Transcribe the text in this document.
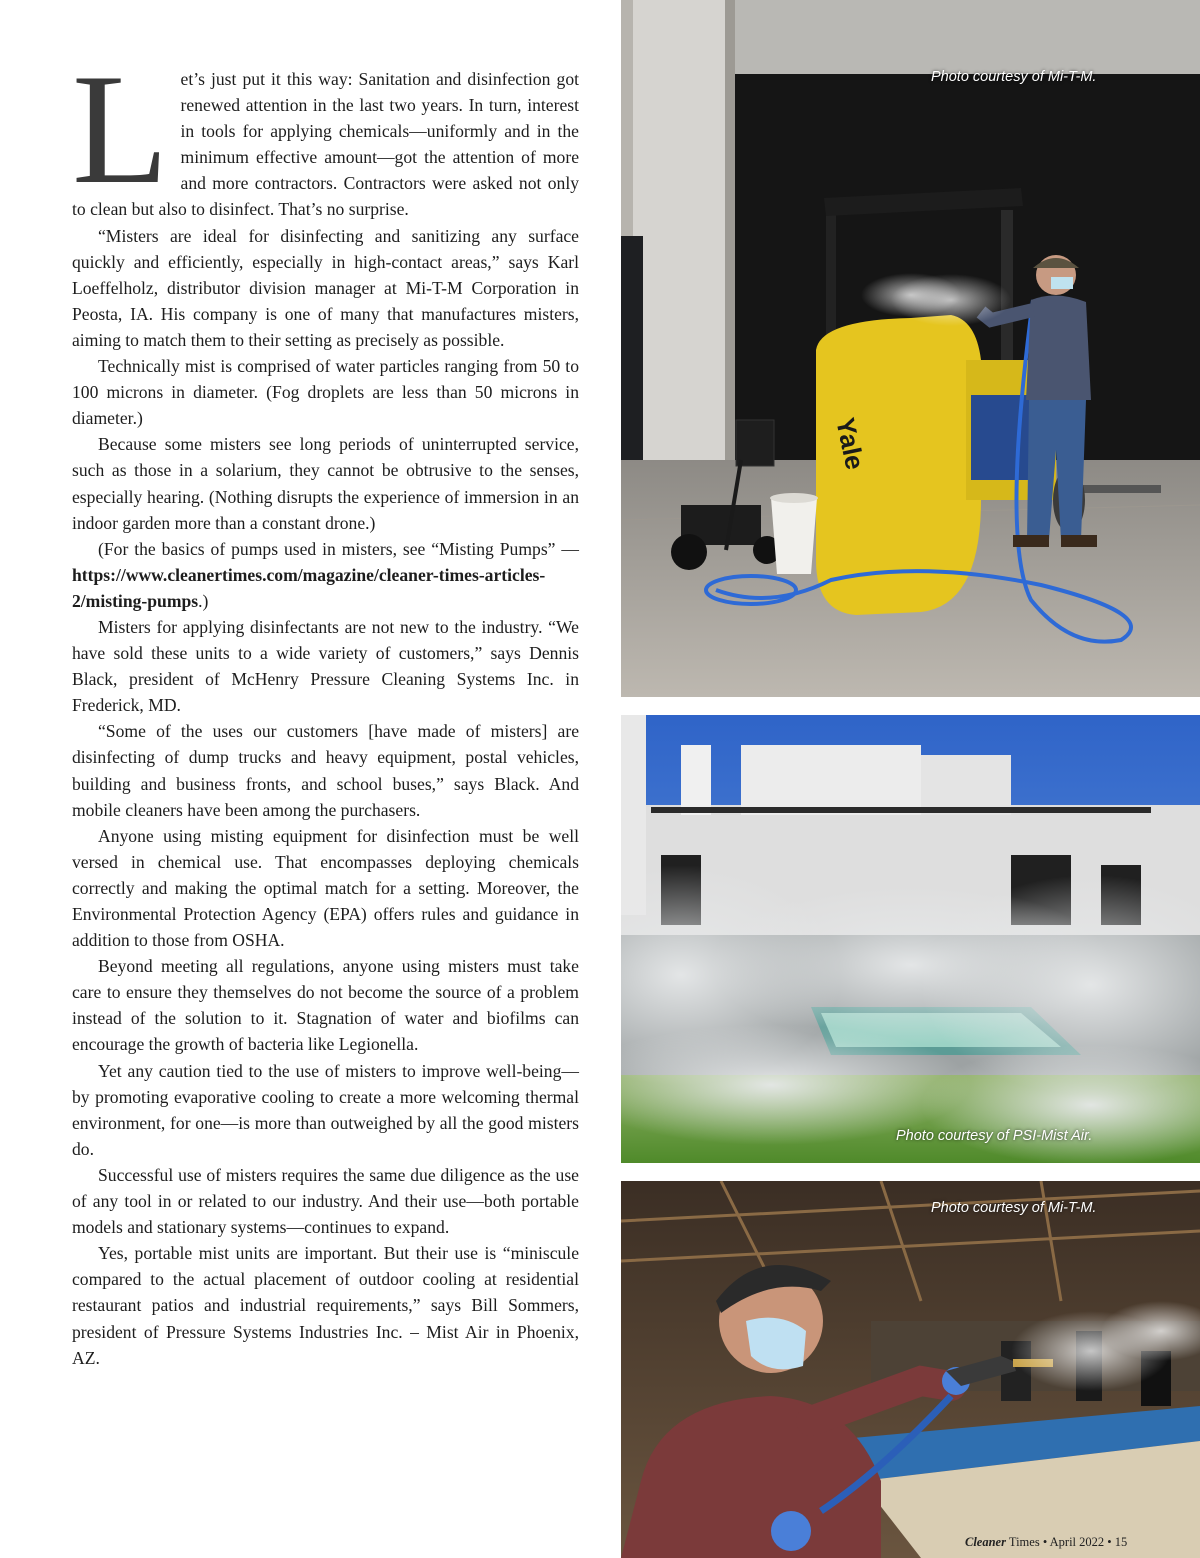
Let’s just put it this way: Sanitation and disinfection got renewed attention in the last two years. In turn, interest in tools for applying chemicals—uniformly and in the minimum effective amount—got the attention of more and more contractors. Contractors were asked not only to clean but also to disinfect. That’s no surprise.

“Misters are ideal for disinfecting and sanitizing any surface quickly and efficiently, especially in high-contact areas,” says Karl Loeffelholz, distributor division manager at Mi-T-M Corporation in Peosta, IA. His company is one of many that manufactures misters, aiming to match them to their setting as precisely as possible.

Technically mist is comprised of water particles ranging from 50 to 100 microns in diameter. (Fog droplets are less than 50 microns in diameter.)

Because some misters see long periods of uninterrupted service, such as those in a solarium, they cannot be obtrusive to the senses, especially hearing. (Nothing disrupts the experience of immersion in an indoor garden more than a constant drone.)

(For the basics of pumps used in misters, see “Misting Pumps” — https://www.cleanertimes.com/magazine/cleaner-times-articles-2/misting-pumps.)

Misters for applying disinfectants are not new to the industry. “We have sold these units to a wide variety of customers,” says Dennis Black, president of McHenry Pressure Cleaning Systems Inc. in Frederick, MD.

“Some of the uses our customers [have made of misters] are disinfecting of dump trucks and heavy equipment, postal vehicles, building and business fronts, and school buses,” says Black. And mobile cleaners have been among the purchasers.

Anyone using misting equipment for disinfection must be well versed in chemical use. That encompasses deploying chemicals correctly and making the optimal match for a setting. Moreover, the Environmental Protection Agency (EPA) offers rules and guidance in addition to those from OSHA.

Beyond meeting all regulations, anyone using misters must take care to ensure they themselves do not become the source of a problem instead of the solution to it. Stagnation of water and biofilms can encourage the growth of bacteria like Legionella.

Yet any caution tied to the use of misters to improve well-being—by promoting evaporative cooling to create a more welcoming thermal environment, for one—is more than outweighed by all the good misters do.

Successful use of misters requires the same due diligence as the use of any tool in or related to our industry. And their use—both portable models and stationary systems—continues to expand.

Yes, portable mist units are important. But their use is “miniscule compared to the actual placement of outdoor cooling at residential restaurant patios and industrial requirements,” says Bill Sommers, president of Pressure Systems Industries Inc. – Mist Air in Phoenix, AZ.

Yale
Photo courtesy of Mi-T-M.
Photo courtesy of PSI-Mist Air.
Photo courtesy of Mi-T-M.
Cleaner Times • April 2022 • 15
